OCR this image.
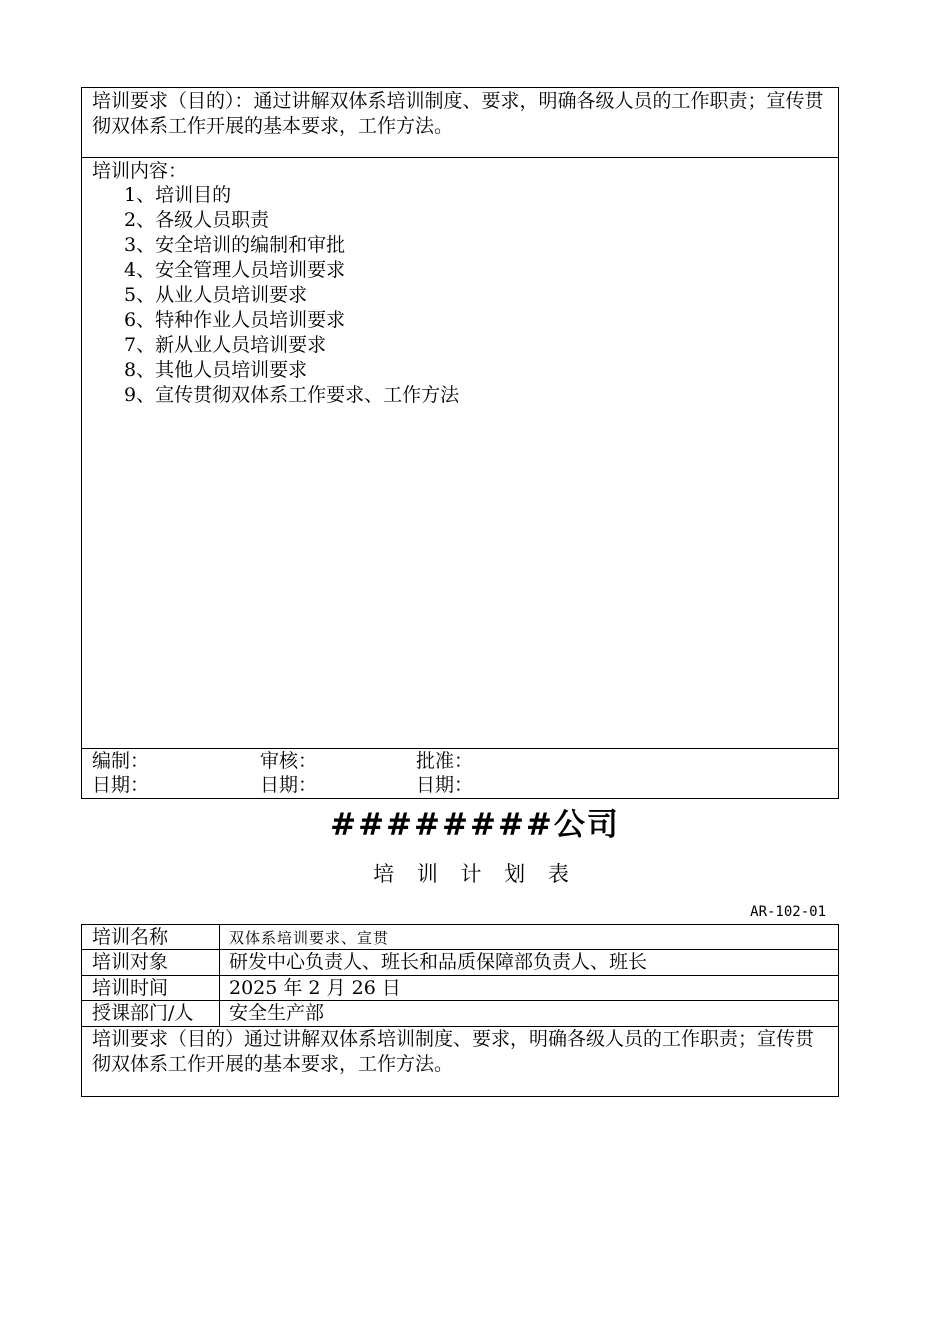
培训要求（目的）：通过讲解双体系培训制度、要求，明确各级人员的工作职责；宣传贯彻双体系工作开展的基本要求，工作方法。
培训内容：
1、培训目的
2、各级人员职责
3、安全培训的编制和审批
4、安全管理人员培训要求
5、从业人员培训要求
6、特种作业人员培训要求
7、新从业人员培训要求
8、其他人员培训要求
9、宣传贯彻双体系工作要求、工作方法
编制：	审核：	批准：
日期：	日期：	日期：
########公司
培 训 计 划 表
AR-102-01
培训名称	双体系培训要求、宣贯
培训对象	研发中心负责人、班长和品质保障部负责人、班长
培训时间	2025 年 2 月 26 日
授课部门/人 安全生产部
培训要求（目的）通过讲解双体系培训制度、要求，明确各级人员的工作职责；宣传贯彻双体系工作开展的基本要求，工作方法。
